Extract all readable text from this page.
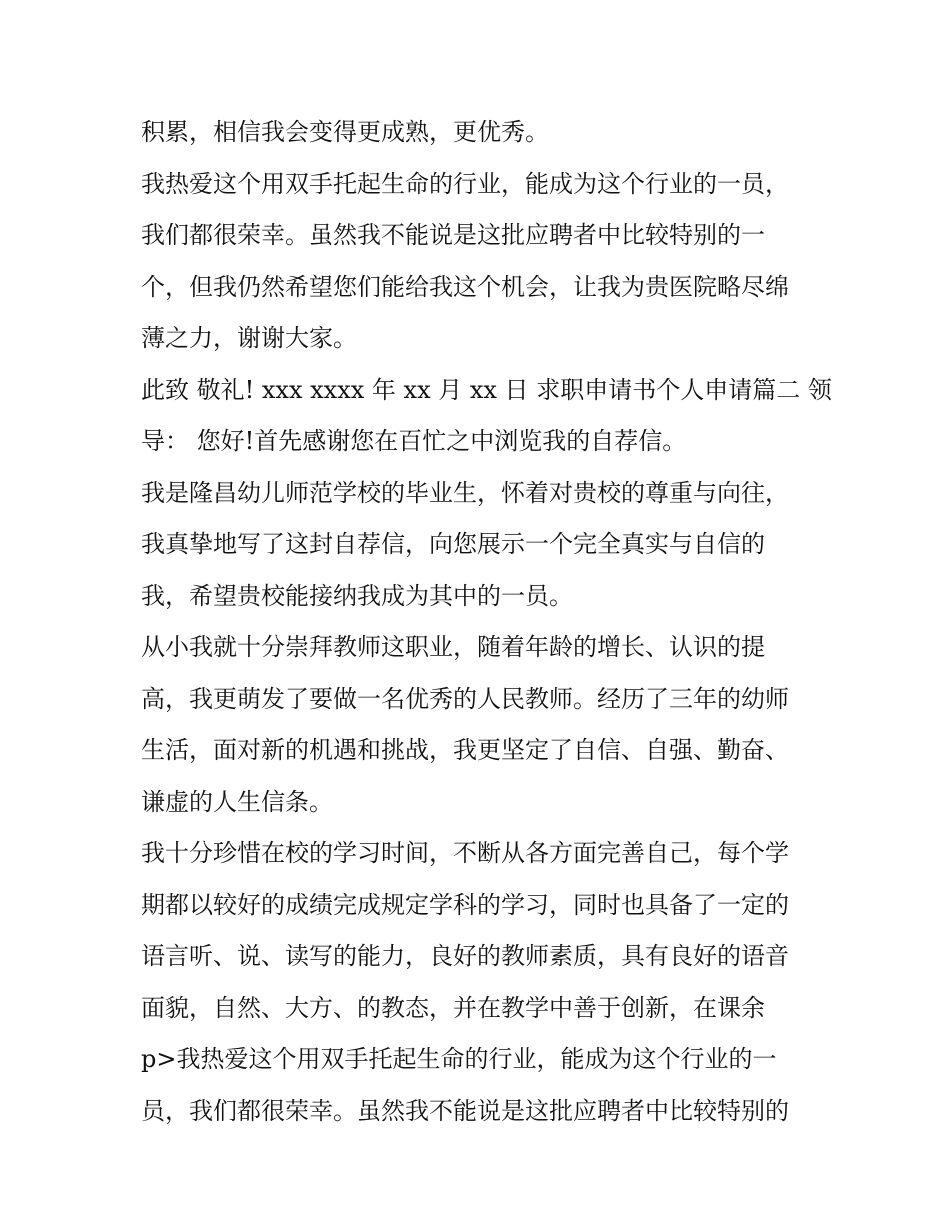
积累，相信我会变得更成熟，更优秀。
我热爱这个用双手托起生命的行业，能成为这个行业的一员，
我们都很荣幸。虽然我不能说是这批应聘者中比较特别的一
个，但我仍然希望您们能给我这个机会，让我为贵医院略尽绵
薄之力，谢谢大家。
此致 敬礼! xxx xxxx 年 xx 月 xx 日 求职申请书个人申请篇二 领
导： 您好!首先感谢您在百忙之中浏览我的自荐信。
我是隆昌幼儿师范学校的毕业生，怀着对贵校的尊重与向往，
我真挚地写了这封自荐信，向您展示一个完全真实与自信的
我，希望贵校能接纳我成为其中的一员。
从小我就十分崇拜教师这职业，随着年龄的增长、认识的提
高，我更萌发了要做一名优秀的人民教师。经历了三年的幼师
生活，面对新的机遇和挑战，我更坚定了自信、自强、勤奋、
谦虚的人生信条。
我十分珍惜在校的学习时间，不断从各方面完善自己，每个学
期都以较好的成绩完成规定学科的学习，同时也具备了一定的
语言听、说、读写的能力，良好的教师素质，具有良好的语音
面貌，自然、大方、的教态，并在教学中善于创新，在课余
p>我热爱这个用双手托起生命的行业，能成为这个行业的一
员，我们都很荣幸。虽然我不能说是这批应聘者中比较特别的
